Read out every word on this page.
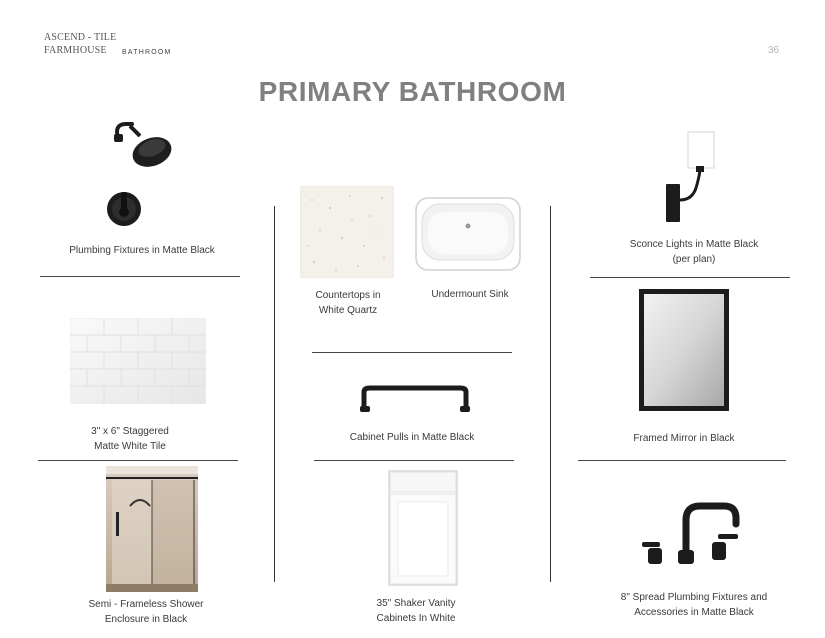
ASCEND - TILE
FARMHOUSE BATHROOM	36
PRIMARY BATHROOM
Plumbing Fixtures in Matte Black
3" x 6" Staggered
Matte White Tile
Semi - Frameless Shower
Enclosure in Black
Countertops in
White Quartz
Undermount Sink
Cabinet Pulls in Matte Black
35" Shaker Vanity
Cabinets In White
Sconce Lights in Matte Black
(per plan)
Framed Mirror in Black
8" Spread Plumbing Fixtures and
Accessories in Matte Black
